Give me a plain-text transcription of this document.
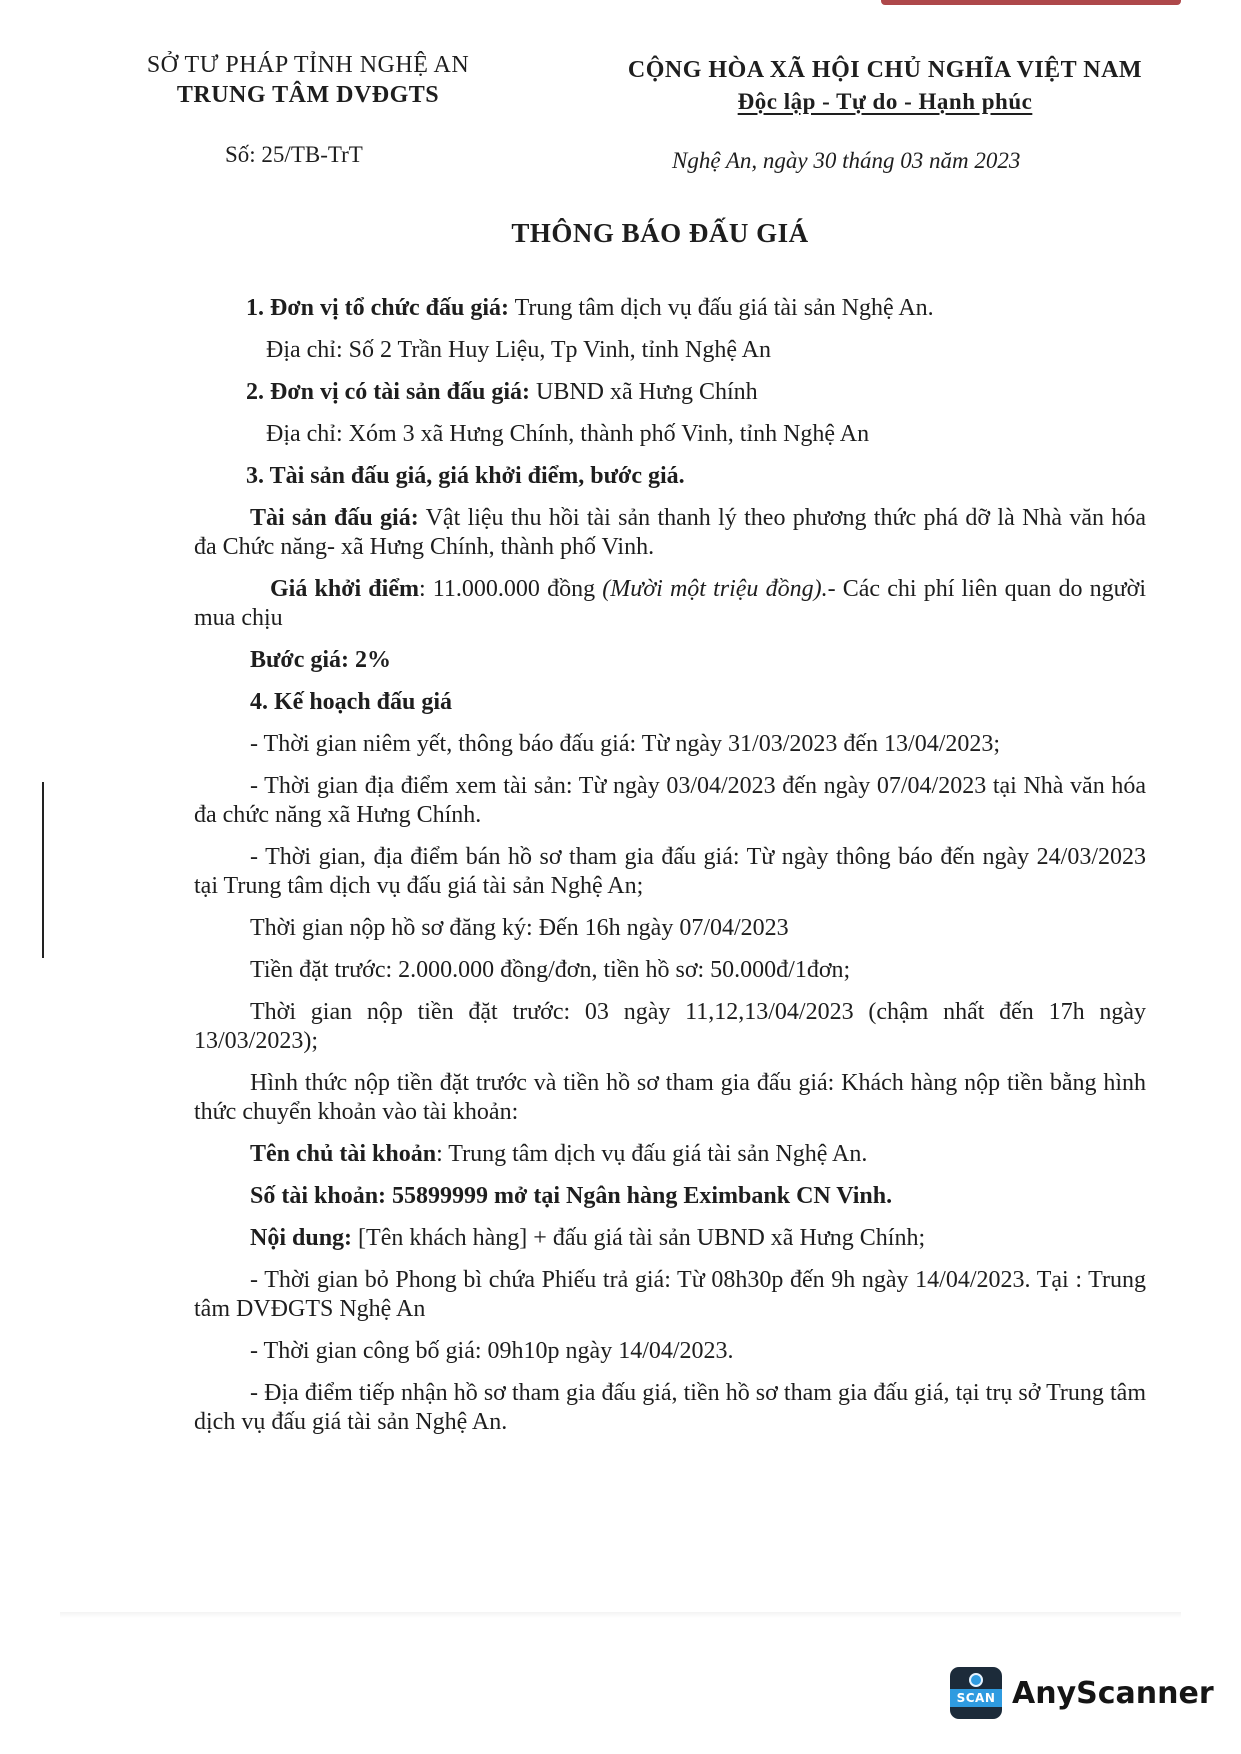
SỞ TƯ PHÁP TỈNH NGHỆ AN
TRUNG TÂM DVĐGTS
CỘNG HÒA XÃ HỘI CHỦ NGHĨA VIỆT NAM
Độc lập - Tự do - Hạnh phúc
Số: 25/TB-TrT	Nghệ An, ngày 30 tháng 03 năm 2023
THÔNG BÁO ĐẤU GIÁ

1. Đơn vị tổ chức đấu giá: Trung tâm dịch vụ đấu giá tài sản Nghệ An.

Địa chỉ: Số 2 Trần Huy Liệu, Tp Vinh, tỉnh Nghệ An

2. Đơn vị có tài sản đấu giá: UBND xã Hưng Chính

Địa chỉ: Xóm 3 xã Hưng Chính, thành phố Vinh, tỉnh Nghệ An

3. Tài sản đấu giá, giá khởi điểm, bước giá.

Tài sản đấu giá: Vật liệu thu hồi tài sản thanh lý theo phương thức phá dỡ là Nhà văn hóa đa Chức năng- xã Hưng Chính, thành phố Vinh.

Giá khởi điểm: 11.000.000 đồng (Mười một triệu đồng).- Các chi phí liên quan do người mua chịu

Bước giá: 2%

4. Kế hoạch đấu giá

- Thời gian niêm yết, thông báo đấu giá: Từ ngày 31/03/2023 đến 13/04/2023;

- Thời gian địa điểm xem tài sản: Từ ngày 03/04/2023 đến ngày 07/04/2023 tại Nhà văn hóa đa chức năng xã Hưng Chính.

- Thời gian, địa điểm bán hồ sơ tham gia đấu giá: Từ ngày thông báo đến ngày 24/03/2023 tại Trung tâm dịch vụ đấu giá tài sản Nghệ An;

Thời gian nộp hồ sơ đăng ký: Đến 16h ngày 07/04/2023

Tiền đặt trước: 2.000.000 đồng/đơn, tiền hồ sơ: 50.000đ/1đơn;

Thời gian nộp tiền đặt trước: 03 ngày 11,12,13/04/2023 (chậm nhất đến 17h ngày 13/03/2023);

Hình thức nộp tiền đặt trước và tiền hồ sơ tham gia đấu giá: Khách hàng nộp tiền bằng hình thức chuyển khoản vào tài khoản:

Tên chủ tài khoản: Trung tâm dịch vụ đấu giá tài sản Nghệ An.

Số tài khoản: 55899999 mở tại Ngân hàng Eximbank CN Vinh.

Nội dung: [Tên khách hàng] + đấu giá tài sản UBND xã Hưng Chính;

- Thời gian bỏ Phong bì chứa Phiếu trả giá: Từ 08h30p đến 9h ngày 14/04/2023. Tại : Trung tâm DVĐGTS Nghệ An

- Thời gian công bố giá: 09h10p ngày 14/04/2023.

- Địa điểm tiếp nhận hồ sơ tham gia đấu giá, tiền hồ sơ tham gia đấu giá, tại trụ sở Trung tâm dịch vụ đấu giá tài sản Nghệ An.

SCAN AnyScanner
